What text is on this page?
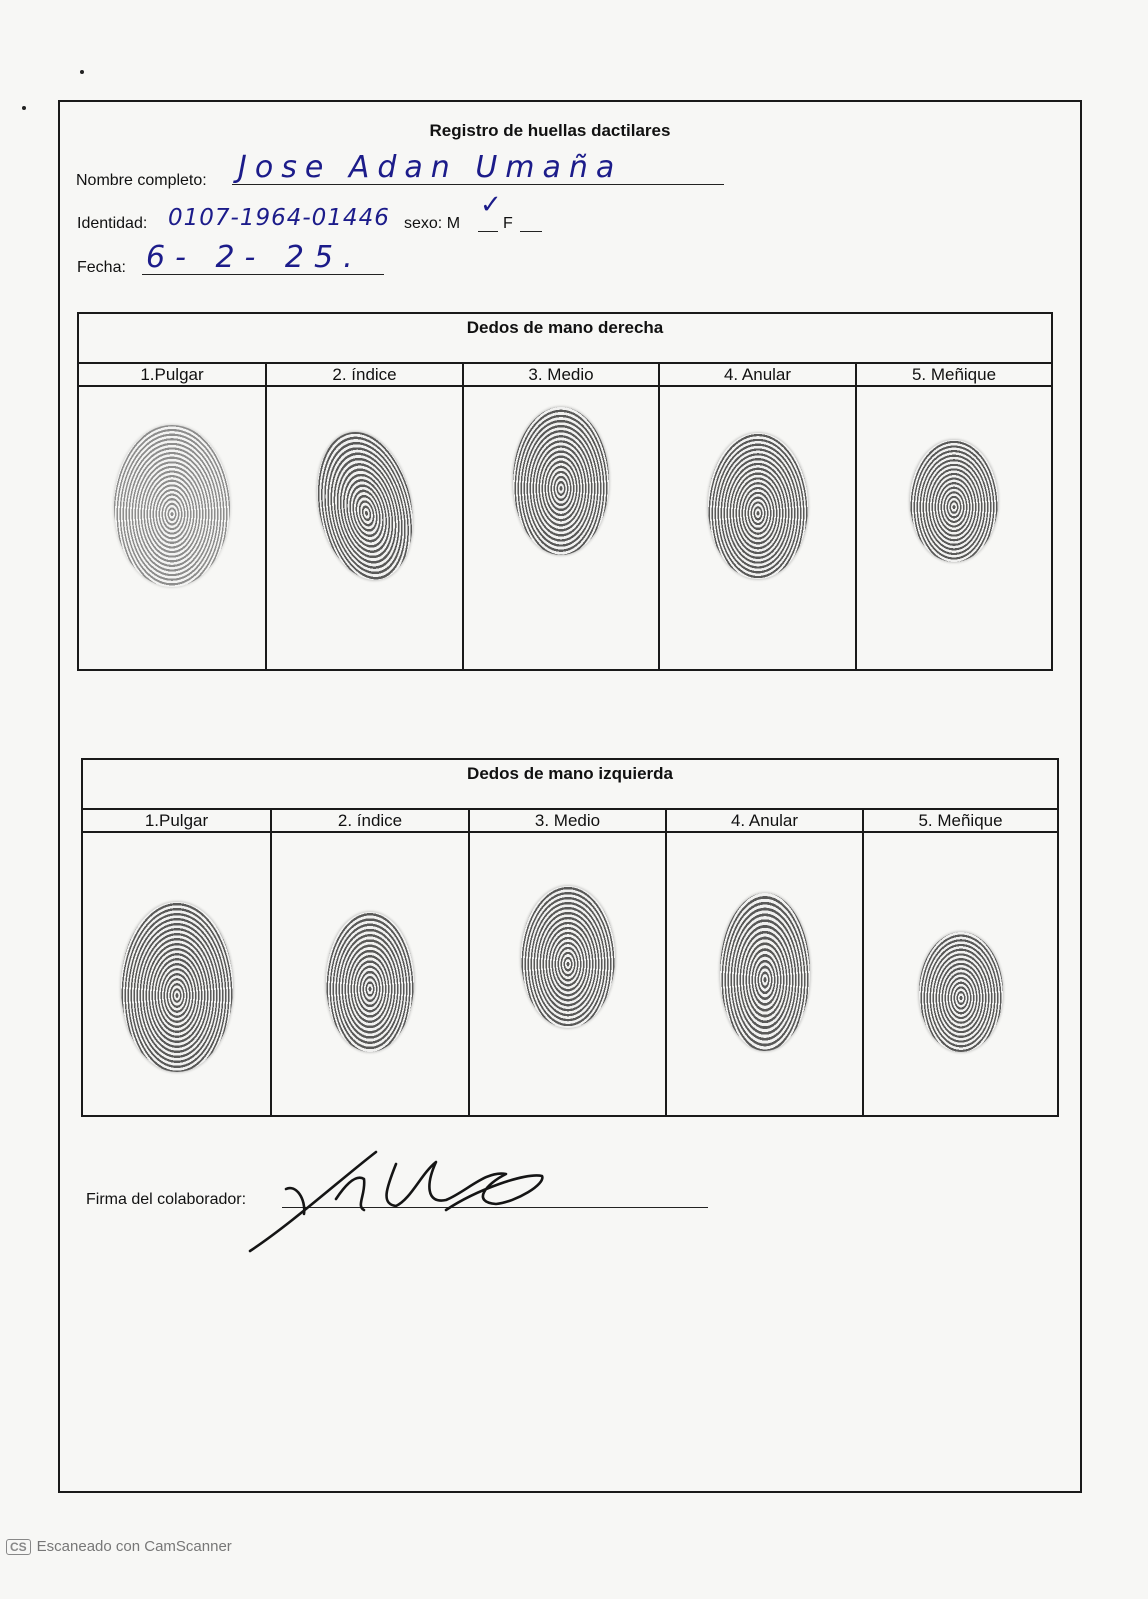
Registro de huellas dactilares
Nombre completo: Jose Adan Umaña
Identidad: 0107-1964-01446 sexo: M
✓
F
Fecha: 6- 2- 25.
Dedos de mano derecha				
1.Pulgar	2. índice	3. Medio	4. Anular	5. Meñique

Dedos de mano izquierda				
1.Pulgar	2. índice	3. Medio	4. Anular	5. Meñique

Firma del colaborador:
CS Escaneado con CamScanner
